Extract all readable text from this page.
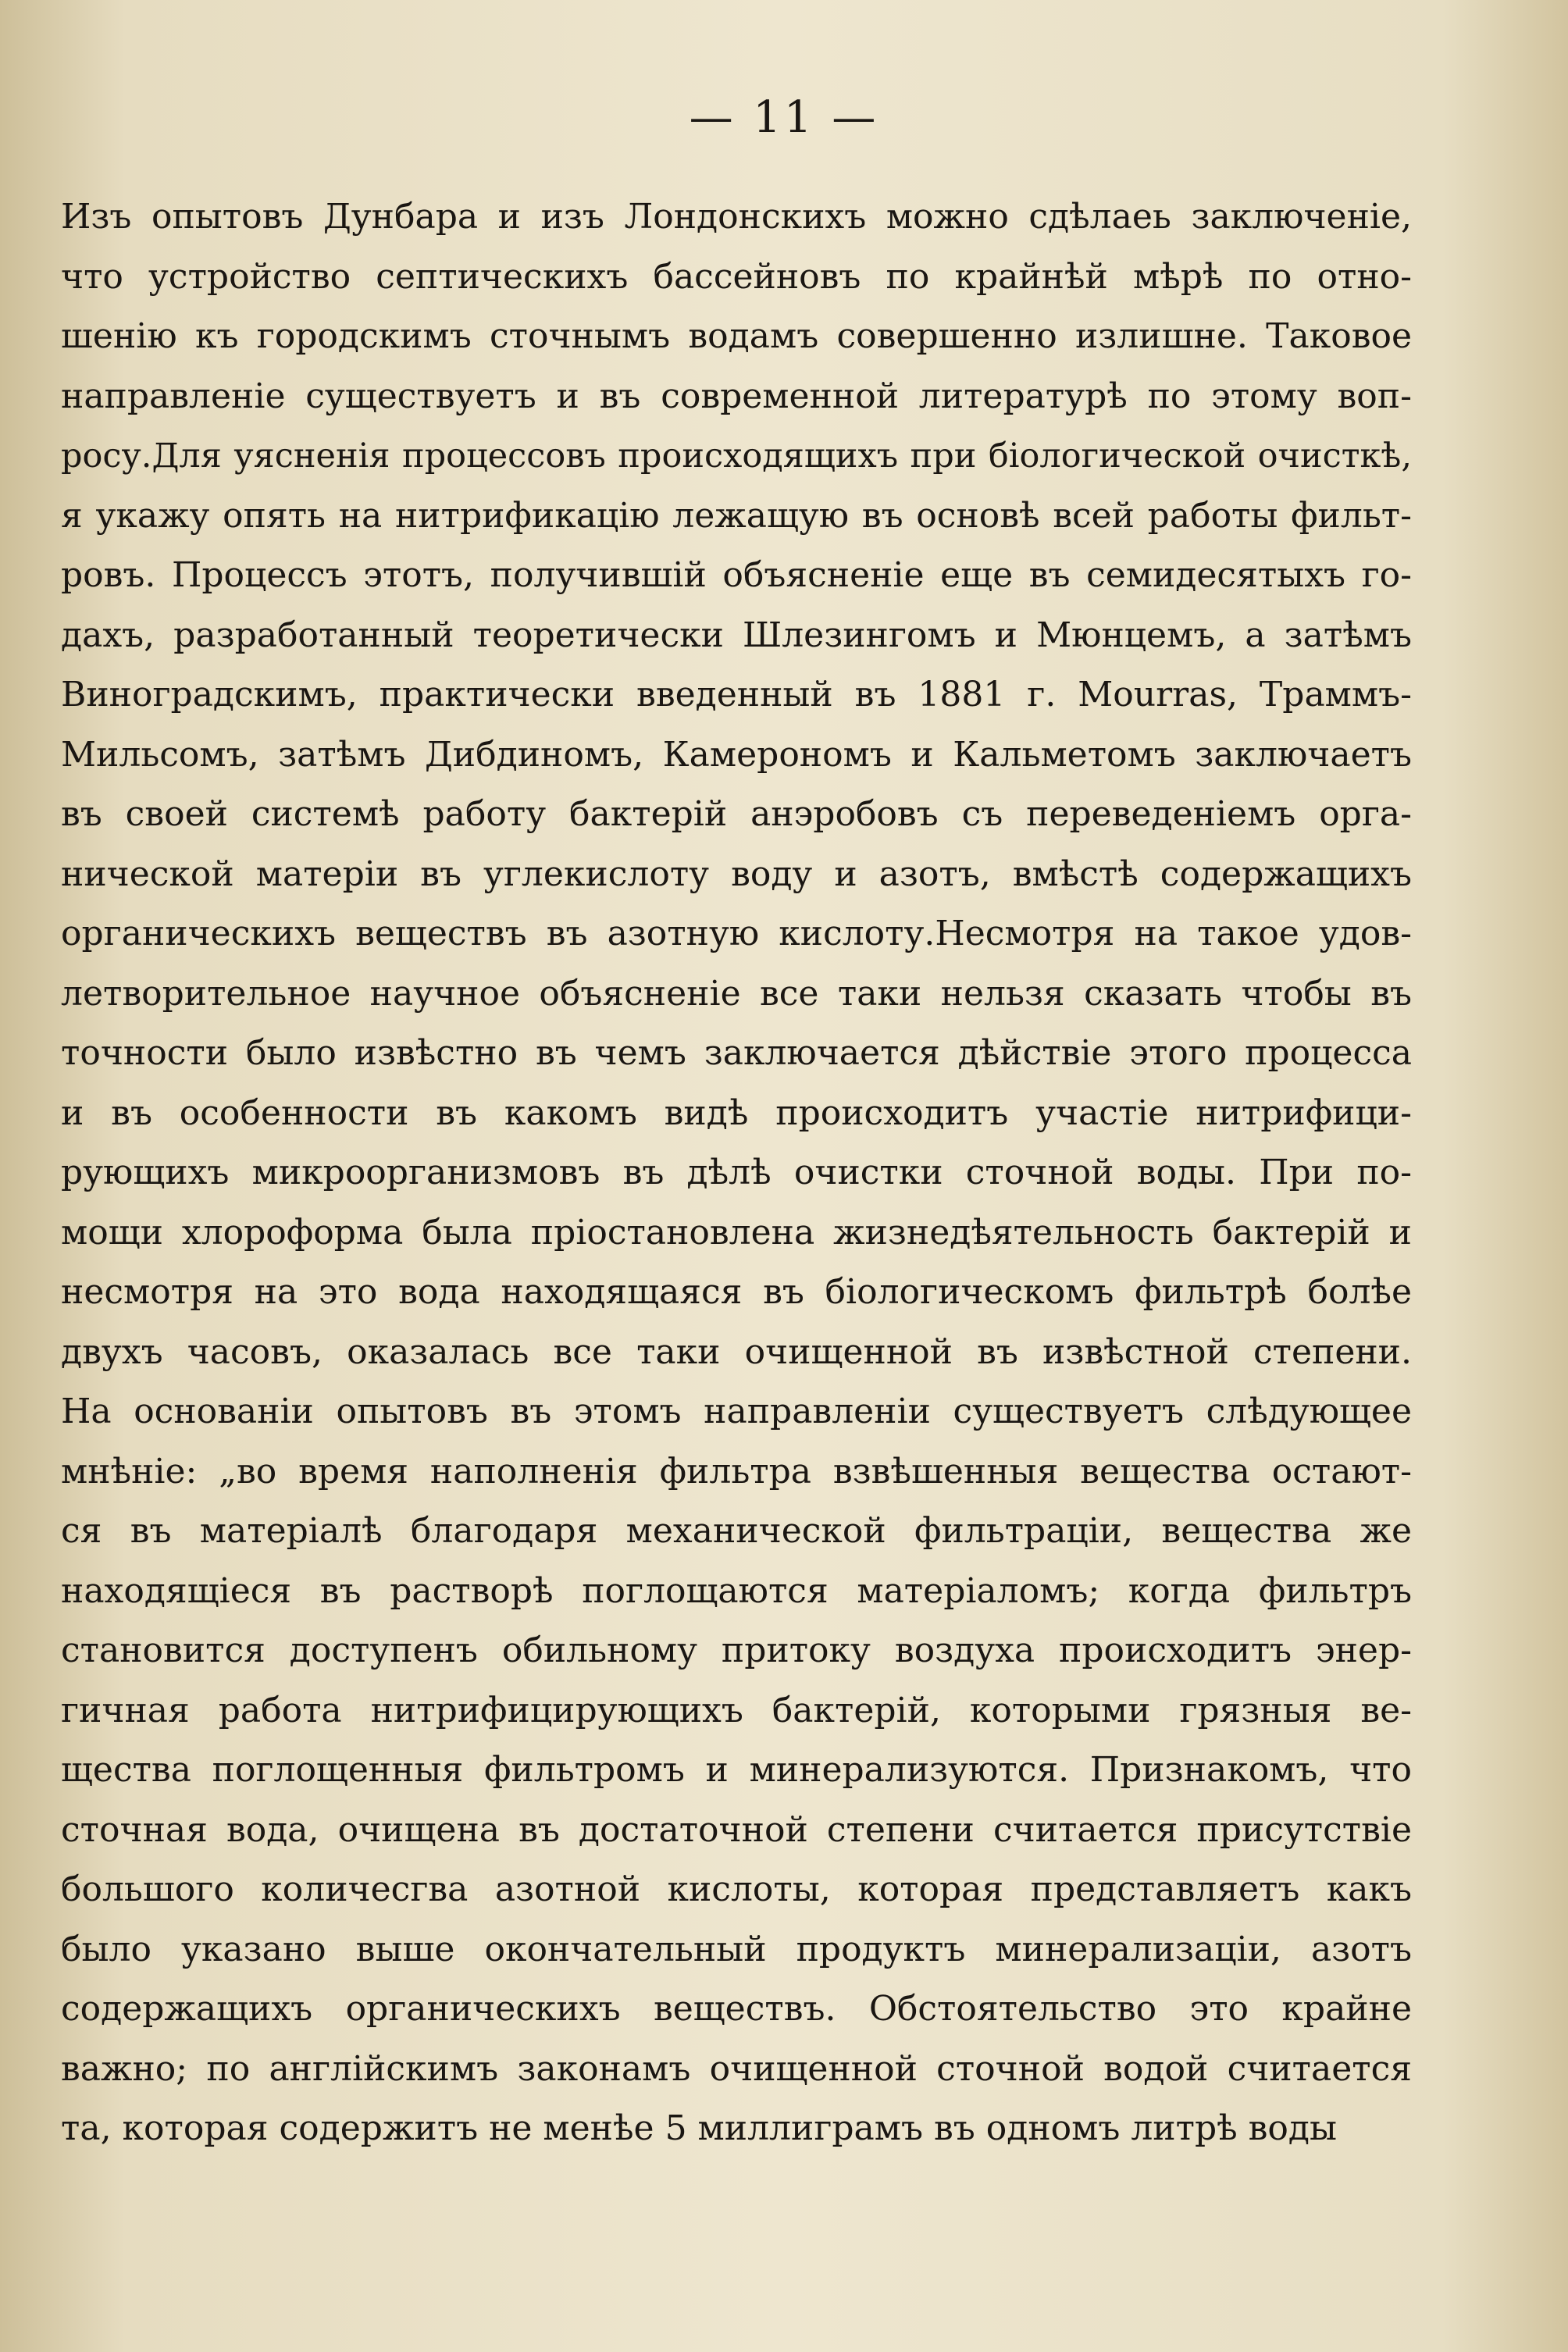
— 11 —
Изъ опытовъ Дунбара и изъ Лондонскихъ можно сдѣлаеь заключеніе,
что устройство септическихъ бассейновъ по крайнѣй мѣрѣ по отно-
шенію къ городскимъ сточнымъ водамъ совершенно излишне. Таковое
направленіе существуетъ и въ современной литературѣ по этому воп-
росу.Для уясненія процессовъ происходящихъ при біологической очисткѣ,
я укажу опять на нитрификацію лежащую въ основѣ всей работы фильт-
ровъ. Процессъ этотъ, получившій объясненіе еще въ семидесятыхъ го-
дахъ, разработанный теоретически Шлезингомъ и Мюнцемъ, а затѣмъ
Виноградскимъ, практически введенный въ 1881 г. Mourras, Траммъ-
Мильсомъ, затѣмъ Дибдиномъ, Камерономъ и Кальметомъ заключаетъ
въ своей системѣ работу бактерій анэробовъ съ переведеніемъ орга-
нической матеріи въ углекислоту воду и азотъ, вмѣстѣ содержащихъ
органическихъ веществъ въ азотную кислоту.Несмотря на такое удов-
летворительное научное объясненіе все таки нельзя сказать чтобы въ
точности было извѣстно въ чемъ заключается дѣйствіе этого процесса
и въ особенности въ какомъ видѣ происходитъ участіе нитрифици-
рующихъ микроорганизмовъ въ дѣлѣ очистки сточной воды. При по-
мощи хлороформа была пріостановлена жизнедѣятельность бактерій и
несмотря на это вода находящаяся въ біологическомъ фильтрѣ болѣе
двухъ часовъ, оказалась все таки очищенной въ извѣстной степени.
На основаніи опытовъ въ этомъ направленіи существуетъ слѣдующее
мнѣніе: „во время наполненія фильтра взвѣшенныя вещества остают-
ся въ матеріалѣ благодаря механической фильтраціи, вещества же
находящіеся въ растворѣ поглощаются матеріаломъ; когда фильтръ
становится доступенъ обильному притоку воздуха происходитъ энер-
гичная работа нитрифицирующихъ бактерій, которыми грязныя ве-
щества поглощенныя фильтромъ и минерализуются. Признакомъ, что
сточная вода, очищена въ достаточной степени считается присутствіе
большого количесгва азотной кислоты, которая представляетъ какъ
было указано выше окончательный продуктъ минерализаціи, азотъ
содержащихъ органическихъ веществъ. Обстоятельство это крайне
важно; по англійскимъ законамъ очищенной сточной водой считается
та, которая содержитъ не менѣе 5 миллиграмъ въ одномъ литрѣ воды
